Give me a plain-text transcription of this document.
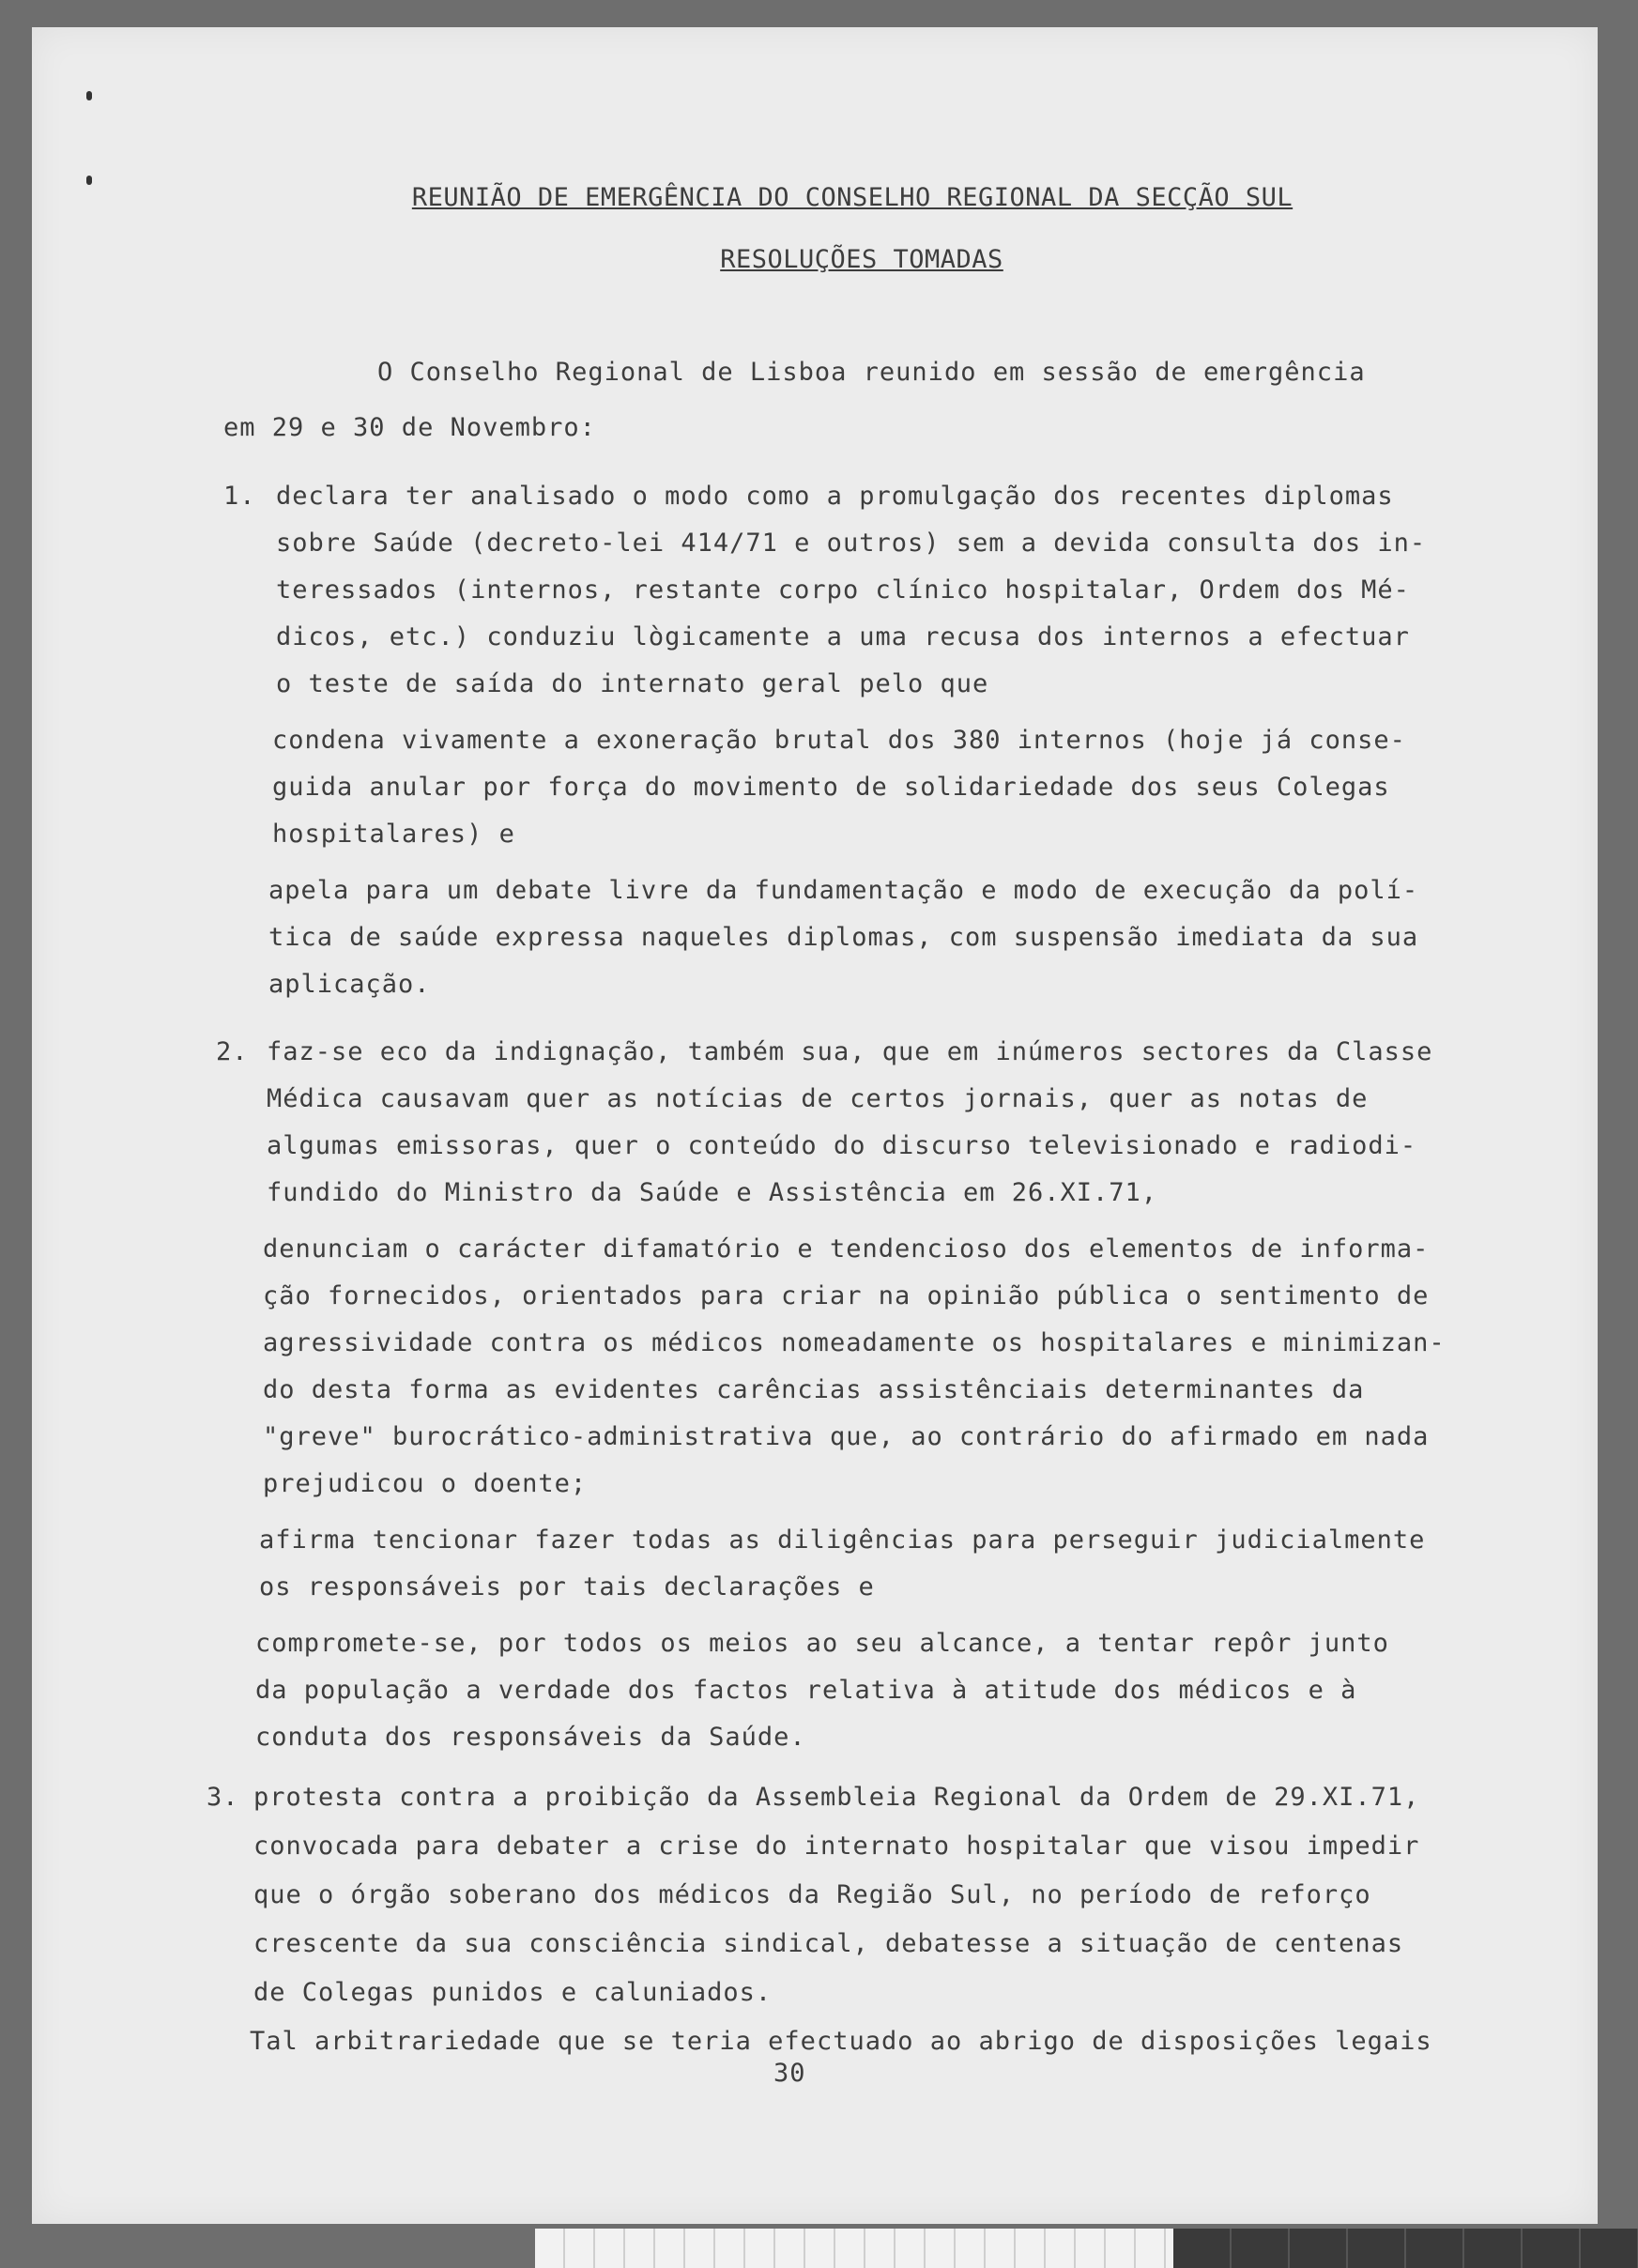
REUNIÃO DE EMERGÊNCIA DO CONSELHO REGIONAL DA SECÇÃO SUL
RESOLUÇÕES TOMADAS
O Conselho Regional de Lisboa reunido em sessão de emergência
em 29 e 30 de Novembro:
1. declara ter analisado o modo como a promulgação dos recentes diplomas
sobre Saúde (decreto-lei 414/71 e outros) sem a devida consulta dos in-
teressados (internos, restante corpo clínico hospitalar, Ordem dos Mé-
dicos, etc.) conduziu lògicamente a uma recusa dos internos a efectuar
o teste de saída do internato geral pelo que
condena vivamente a exoneração brutal dos 380 internos (hoje já conse-
guida anular por força do movimento de solidariedade dos seus Colegas
hospitalares) e
apela para um debate livre da fundamentação e modo de execução da polí-
tica de saúde expressa naqueles diplomas, com suspensão imediata da sua
aplicação.
2. faz-se eco da indignação, também sua, que em inúmeros sectores da Classe
Médica causavam quer as notícias de certos jornais, quer as notas de
algumas emissoras, quer o conteúdo do discurso televisionado e radiodi-
fundido do Ministro da Saúde e Assistência em 26.XI.71,
denunciam o carácter difamatório e tendencioso dos elementos de informa-
ção fornecidos, orientados para criar na opinião pública o sentimento de
agressividade contra os médicos nomeadamente os hospitalares e minimizan-
do desta forma as evidentes carências assistênciais determinantes da
"greve" burocrático-administrativa que, ao contrário do afirmado em nada
prejudicou o doente;
afirma tencionar fazer todas as diligências para perseguir judicialmente
os responsáveis por tais declarações e
compromete-se, por todos os meios ao seu alcance, a tentar repôr junto
da população a verdade dos factos relativa à atitude dos médicos e à
conduta dos responsáveis da Saúde.
3. protesta contra a proibição da Assembleia Regional da Ordem de 29.XI.71,
convocada para debater a crise do internato hospitalar que visou impedir
que o órgão soberano dos médicos da Região Sul, no período de reforço
crescente da sua consciência sindical, debatesse a situação de centenas
de Colegas punidos e caluniados.
Tal arbitrariedade que se teria efectuado ao abrigo de disposições legais
30
